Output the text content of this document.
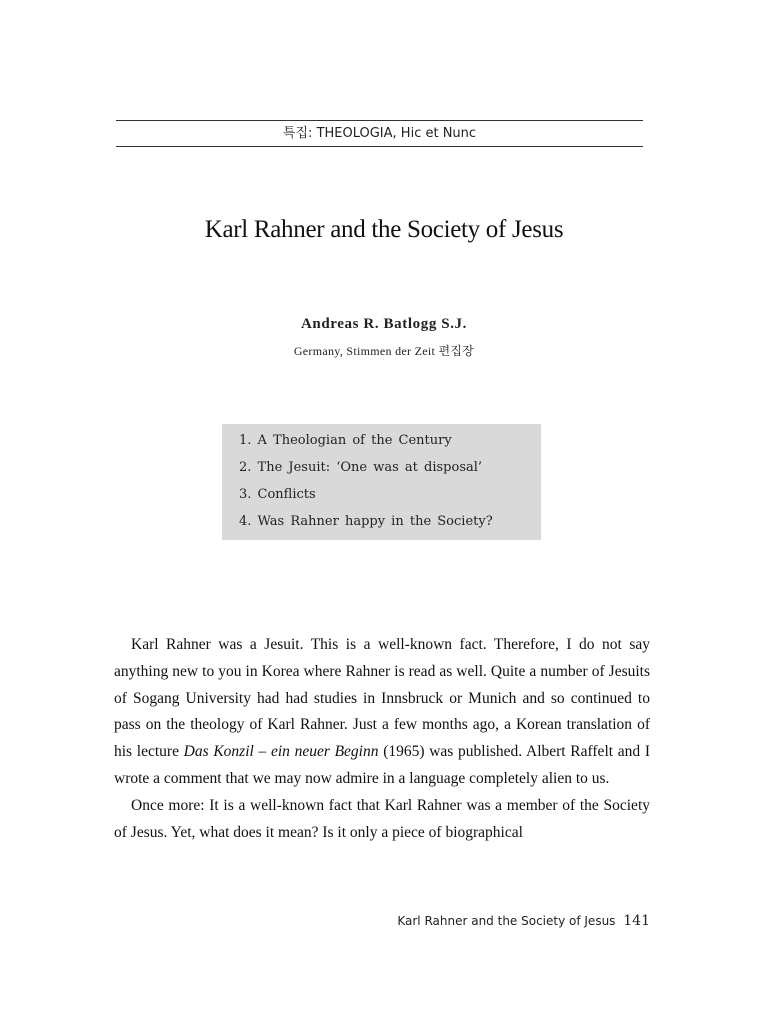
특집: THEOLOGIA, Hic et Nunc
Karl Rahner and the Society of Jesus
Andreas R. Batlogg S.J.
Germany, Stimmen der Zeit 편집장
1. A Theologian of the Century
2. The Jesuit: ‘One was at disposal’
3. Conflicts
4. Was Rahner happy in the Society?

Karl Rahner was a Jesuit. This is a well-known fact. Therefore, I do not say anything new to you in Korea where Rahner is read as well. Quite a number of Jesuits of Sogang University had had studies in Innsbruck or Munich and so continued to pass on the theology of Karl Rahner. Just a few months ago, a Korean translation of his lecture Das Konzil – ein neuer Beginn (1965) was published. Albert Raffelt and I wrote a comment that we may now admire in a language completely alien to us.

Once more: It is a well-known fact that Karl Rahner was a member of the Society of Jesus. Yet, what does it mean? Is it only a piece of biographical

Karl Rahner and the Society of Jesus 141
